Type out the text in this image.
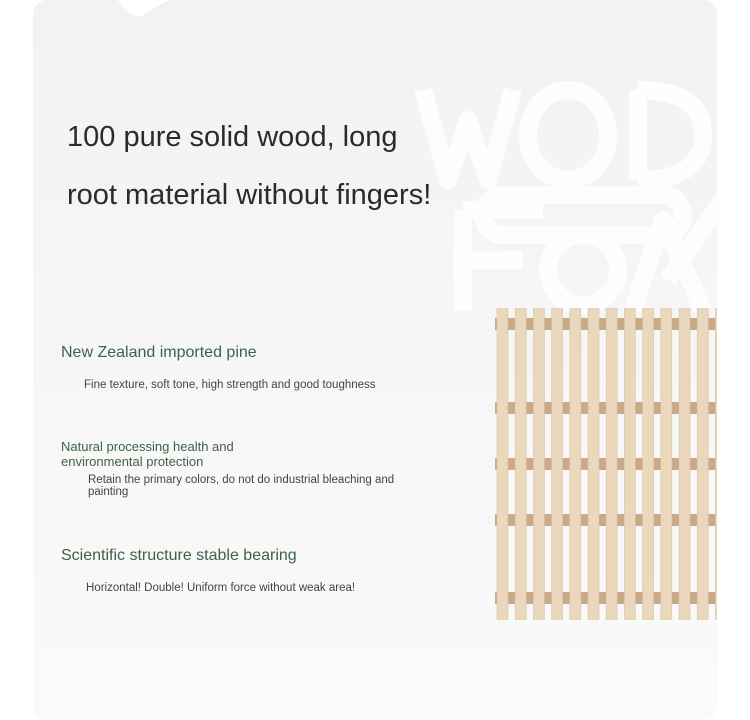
100 pure solid wood, long
root material without fingers!

New Zealand imported pine

Fine texture, soft tone, high strength and good toughness

Natural processing health and environmental protection

Retain the primary colors, do not do industrial bleaching and painting

Scientific structure stable bearing

Horizontal! Double! Uniform force without weak area!
